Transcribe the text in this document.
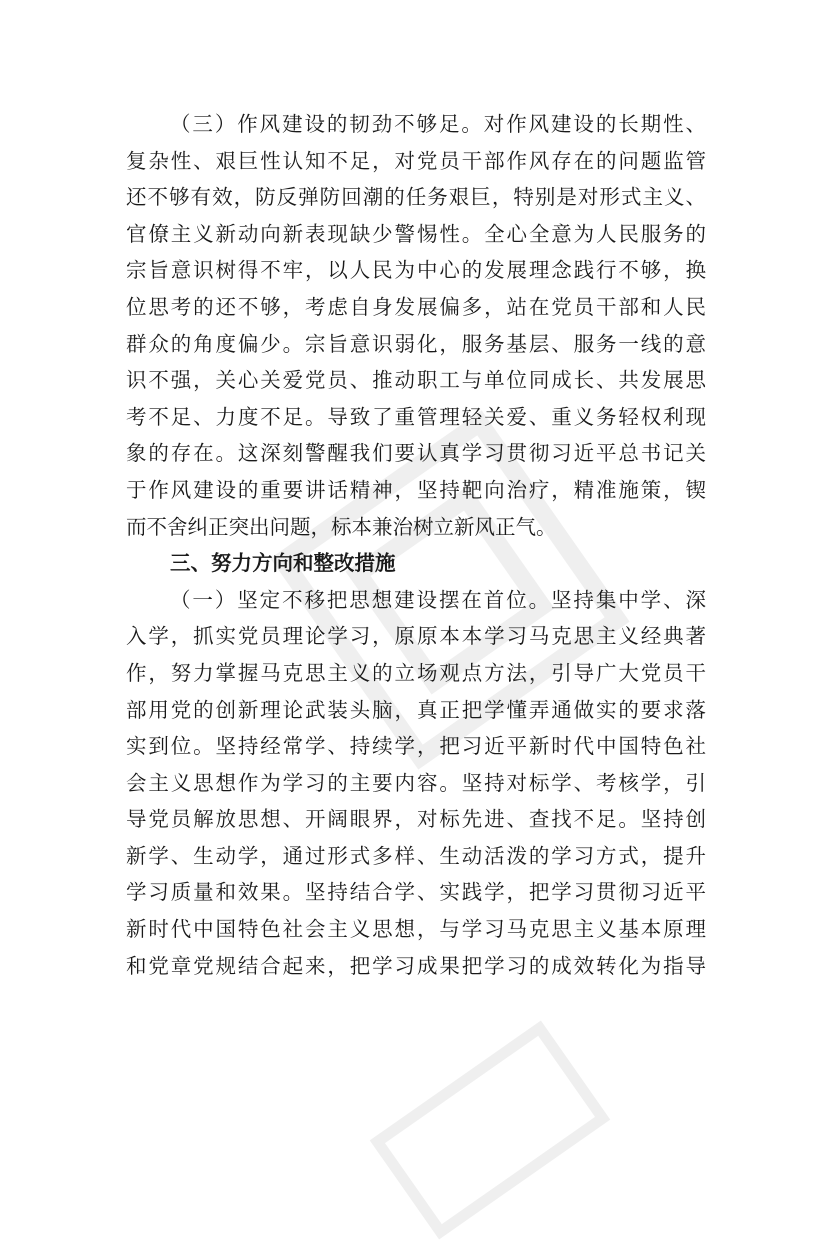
（三）作风建设的韧劲不够足。对作风建设的长期性、
复杂性、艰巨性认知不足，对党员干部作风存在的问题监管
还不够有效，防反弹防回潮的任务艰巨，特别是对形式主义、
官僚主义新动向新表现缺少警惕性。全心全意为人民服务的
宗旨意识树得不牢，以人民为中心的发展理念践行不够，换
位思考的还不够，考虑自身发展偏多，站在党员干部和人民
群众的角度偏少。宗旨意识弱化，服务基层、服务一线的意
识不强，关心关爱党员、推动职工与单位同成长、共发展思
考不足、力度不足。导致了重管理轻关爱、重义务轻权利现
象的存在。这深刻警醒我们要认真学习贯彻习近平总书记关
于作风建设的重要讲话精神，坚持靶向治疗，精准施策，锲
而不舍纠正突出问题，标本兼治树立新风正气。
三、努力方向和整改措施
（一）坚定不移把思想建设摆在首位。坚持集中学、深
入学，抓实党员理论学习，原原本本学习马克思主义经典著
作，努力掌握马克思主义的立场观点方法，引导广大党员干
部用党的创新理论武装头脑，真正把学懂弄通做实的要求落
实到位。坚持经常学、持续学，把习近平新时代中国特色社
会主义思想作为学习的主要内容。坚持对标学、考核学，引
导党员解放思想、开阔眼界，对标先进、查找不足。坚持创
新学、生动学，通过形式多样、生动活泼的学习方式，提升
学习质量和效果。坚持结合学、实践学，把学习贯彻习近平
新时代中国特色社会主义思想，与学习马克思主义基本原理
和党章党规结合起来，把学习成果把学习的成效转化为指导
